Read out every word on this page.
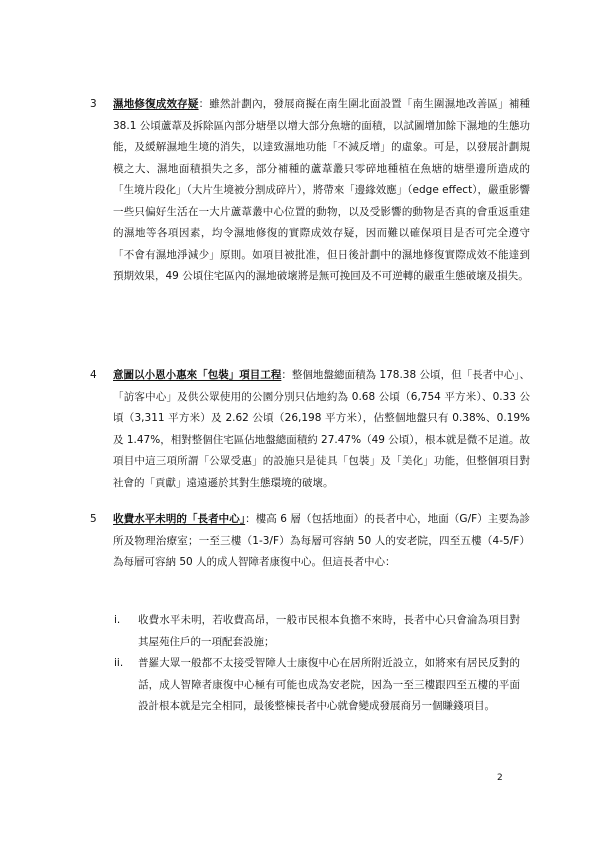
3 濕地修復成效存疑：雖然計劃內，發展商擬在南生圍北面設置「南生圍濕地改善區」補種 38.1 公頃蘆葦及拆除區內部分塘壆以增大部分魚塘的面積，以試圖增加餘下濕地的生態功能，及緩解濕地生境的消失，以達致濕地功能「不減反增」的虛象。可是，以發展計劃規模之大、濕地面積損失之多，部分補種的蘆葦叢只零碎地種植在魚塘的塘壆邊所造成的「生境片段化」（大片生境被分割成碎片），將帶來「邊緣效應」（edge effect），嚴重影響一些只偏好生活在一大片蘆葦叢中心位置的動物，以及受影響的動物是否真的會重返重建的濕地等各項因素，均令濕地修復的實際成效存疑，因而難以確保項目是否可完全遵守「不會有濕地淨減少」原則。如項目被批准，但日後計劃中的濕地修復實際成效不能達到預期效果，49 公頃住宅區內的濕地破壞將是無可挽回及不可逆轉的嚴重生態破壞及損失。
4 意圖以小恩小惠來「包裝」項目工程：整個地盤總面積為 178.38 公頃，但「長者中心」、「訪客中心」及供公眾使用的公園分別只佔地約為 0.68 公頃（6,754 平方米）、0.33 公頃（3,311 平方米）及 2.62 公頃（26,198 平方米），佔整個地盤只有 0.38%、0.19%及 1.47%，相對整個住宅區佔地盤總面積約 27.47%（49 公頃），根本就是微不足道。故項目中這三項所謂「公眾受惠」的設施只是徒具「包裝」及「美化」功能，但整個項目對社會的「貢獻」遠遠遜於其對生態環境的破壞。
5 收費水平未明的「長者中心」：樓高 6 層（包括地面）的長者中心，地面（G/F）主要為診所及物理治療室；一至三樓（1-3/F）為每層可容納 50 人的安老院，四至五樓（4-5/F）為每層可容納 50 人的成人智障者康復中心。但這長者中心：
i. 收費水平未明，若收費高昂，一般市民根本負擔不來時，長者中心只會淪為項目對其屋苑住戶的一項配套設施；
ii. 普羅大眾一般都不太接受智障人士康復中心在居所附近設立，如將來有居民反對的話，成人智障者康復中心極有可能也成為安老院，因為一至三樓跟四至五樓的平面設計根本就是完全相同，最後整棟長者中心就會變成發展商另一個賺錢項目。
2
